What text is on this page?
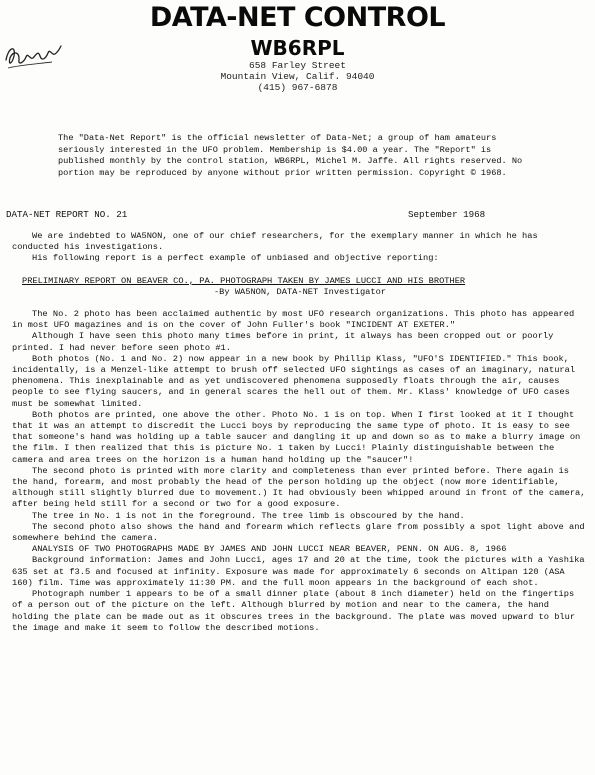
DATA-NET CONTROL
WB6RPL
658 Farley Street
Mountain View, Calif. 94040
(415) 967-6878
The "Data-Net Report" is the official newsletter of Data-Net; a group of ham amateurs seriously interested in the UFO problem. Membership is $4.00 a year. The "Report" is published monthly by the control station, WB6RPL, Michel M. Jaffe. All rights reserved. No portion may be reproduced by anyone without prior written permission. Copyright © 1968.
DATA-NET REPORT NO. 21	September 1968

We are indebted to WA5NON, one of our chief researchers, for the exemplary manner in which he has conducted his investigations.

His following report is a perfect example of unbiased and objective reporting:

PRELIMINARY REPORT ON BEAVER CO., PA. PHOTOGRAPH TAKEN BY JAMES LUCCI AND HIS BROTHER

-By WA5NON, DATA-NET Investigator

The No. 2 photo has been acclaimed authentic by most UFO research organizations. This photo has appeared in most UFO magazines and is on the cover of John Fuller's book "INCIDENT AT EXETER."

Although I have seen this photo many times before in print, it always has been cropped out or poorly printed. I had never before seen photo #1.

Both photos (No. 1 and No. 2) now appear in a new book by Phillip Klass, "UFO'S IDENTIFIED." This book, incidentally, is a Menzel-like attempt to brush off selected UFO sightings as cases of an imaginary, natural phenomena. This inexplainable and as yet undiscovered phenomena supposedly floats through the air, causes people to see flying saucers, and in general scares the hell out of them. Mr. Klass' knowledge of UFO cases must be somewhat limited.

Both photos are printed, one above the other. Photo No. 1 is on top. When I first looked at it I thought that it was an attempt to discredit the Lucci boys by reproducing the same type of photo. It is easy to see that someone's hand was holding up a table saucer and dangling it up and down so as to make a blurry image on the film. I then realized that this is picture No. 1 taken by Lucci! Plainly distinguishable between the camera and area trees on the horizon is a human hand holding up the "saucer"!

The second photo is printed with more clarity and completeness than ever printed before. There again is the hand, forearm, and most probably the head of the person holding up the object (now more identifiable, although still slightly blurred due to movement.) It had obviously been whipped around in front of the camera, after being held still for a second or two for a good exposure.

The tree in No. 1 is not in the foreground. The tree limb is obscoured by the hand.

The second photo also shows the hand and forearm which reflects glare from possibly a spot light above and somewhere behind the camera.

ANALYSIS OF TWO PHOTOGRAPHS MADE BY JAMES AND JOHN LUCCI NEAR BEAVER, PENN. ON AUG. 8, 1966

Background information: James and John Lucci, ages 17 and 20 at the time, took the pictures with a Yashika 635 set at f3.5 and focused at infinity. Exposure was made for approximately 6 seconds on Altipan 120 (ASA 160) film. Time was approximately 11:30 PM. and the full moon appears in the background of each shot.

Photograph number 1 appears to be of a small dinner plate (about 8 inch diameter) held on the fingertips of a person out of the picture on the left. Although blurred by motion and near to the camera, the hand holding the plate can be made out as it obscures trees in the background. The plate was moved upward to blur the image and make it seem to follow the described motions.
